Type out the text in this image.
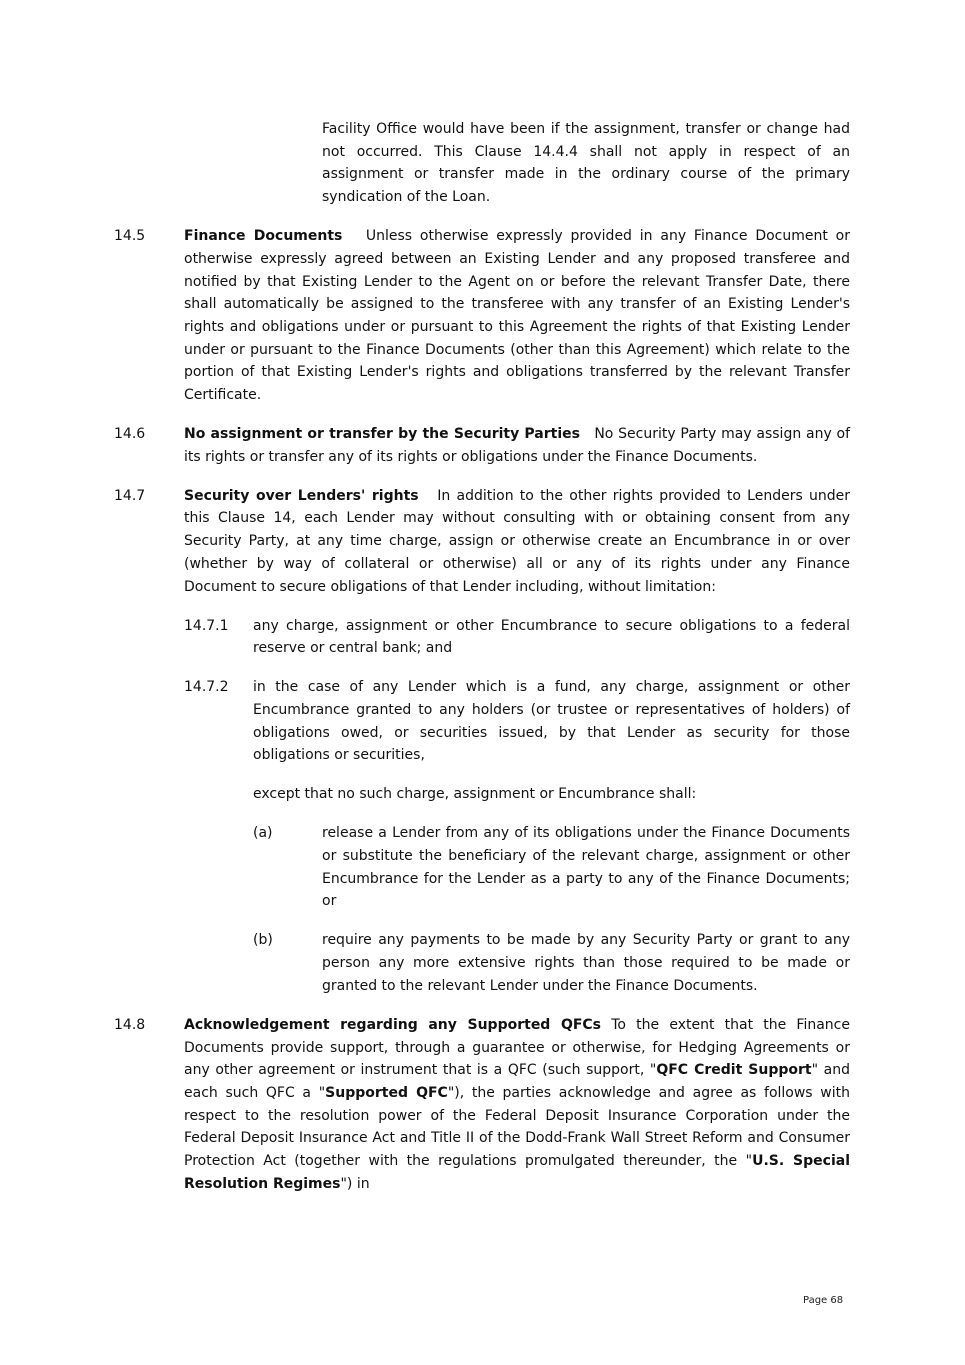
Facility Office would have been if the assignment, transfer or change had not occurred. This Clause 14.4.4 shall not apply in respect of an assignment or transfer made in the ordinary course of the primary syndication of the Loan.
14.5	Finance Documents Unless otherwise expressly provided in any Finance Document or otherwise expressly agreed between an Existing Lender and any proposed transferee and notified by that Existing Lender to the Agent on or before the relevant Transfer Date, there shall automatically be assigned to the transferee with any transfer of an Existing Lender's rights and obligations under or pursuant to this Agreement the rights of that Existing Lender under or pursuant to the Finance Documents (other than this Agreement) which relate to the portion of that Existing Lender's rights and obligations transferred by the relevant Transfer Certificate.
14.6	No assignment or transfer by the Security Parties No Security Party may assign any of its rights or transfer any of its rights or obligations under the Finance Documents.
14.7	Security over Lenders' rights In addition to the other rights provided to Lenders under this Clause 14, each Lender may without consulting with or obtaining consent from any Security Party, at any time charge, assign or otherwise create an Encumbrance in or over (whether by way of collateral or otherwise) all or any of its rights under any Finance Document to secure obligations of that Lender including, without limitation:
14.7.1 any charge, assignment or other Encumbrance to secure obligations to a federal reserve or central bank; and
14.7.2 in the case of any Lender which is a fund, any charge, assignment or other Encumbrance granted to any holders (or trustee or representatives of holders) of obligations owed, or securities issued, by that Lender as security for those obligations or securities,
except that no such charge, assignment or Encumbrance shall:
(a)	release a Lender from any of its obligations under the Finance Documents or substitute the beneficiary of the relevant charge, assignment or other Encumbrance for the Lender as a party to any of the Finance Documents; or
(b)	require any payments to be made by any Security Party or grant to any person any more extensive rights than those required to be made or granted to the relevant Lender under the Finance Documents.
14.8	Acknowledgement regarding any Supported QFCs To the extent that the Finance Documents provide support, through a guarantee or otherwise, for Hedging Agreements or any other agreement or instrument that is a QFC (such support, "QFC Credit Support" and each such QFC a "Supported QFC"), the parties acknowledge and agree as follows with respect to the resolution power of the Federal Deposit Insurance Corporation under the Federal Deposit Insurance Act and Title II of the Dodd-Frank Wall Street Reform and Consumer Protection Act (together with the regulations promulgated thereunder, the "U.S. Special Resolution Regimes") in
Page 68
